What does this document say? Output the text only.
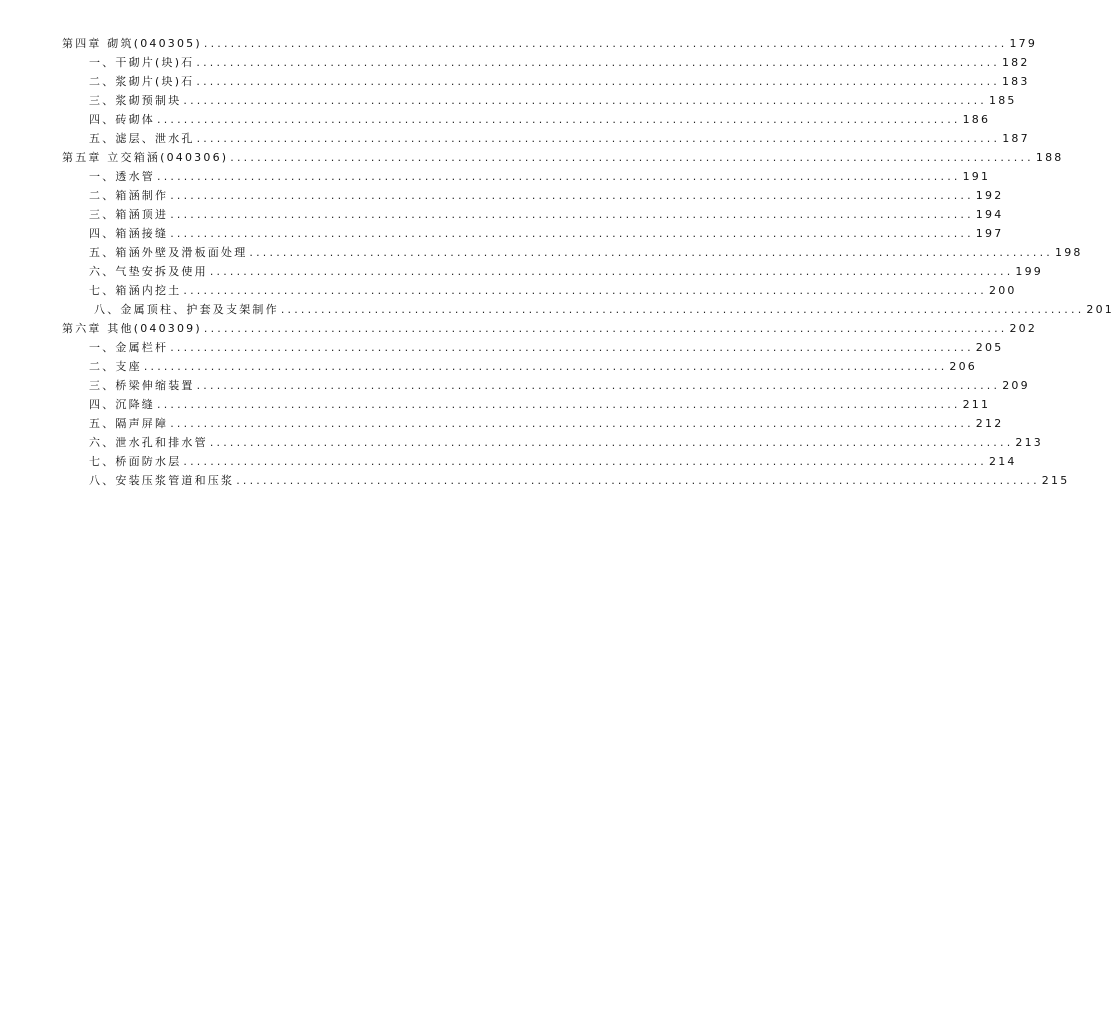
第四章 砌筑(040305) ........................................................................................................................ 179
一、干砌片(块)石 ........................................................................................................................ 182
二、浆砌片(块)石 ........................................................................................................................ 183
三、浆砌预制块 ........................................................................................................................ 185
四、砖砌体 ........................................................................................................................ 186
五、滤层、泄水孔 ........................................................................................................................ 187
第五章 立交箱涵(040306) ........................................................................................................................ 188
一、透水管 ........................................................................................................................ 191
二、箱涵制作 ........................................................................................................................ 192
三、箱涵顶进 ........................................................................................................................ 194
四、箱涵接缝 ........................................................................................................................ 197
五、箱涵外壁及滑板面处理 ........................................................................................................................ 198
六、气垫安拆及使用 ........................................................................................................................ 199
七、箱涵内挖土 ........................................................................................................................ 200
八、金属顶柱、护套及支架制作 ........................................................................................................................ 201
第六章 其他(040309) ........................................................................................................................ 202
一、金属栏杆 ........................................................................................................................ 205
二、支座 ........................................................................................................................ 206
三、桥梁伸缩装置 ........................................................................................................................ 209
四、沉降缝 ........................................................................................................................ 211
五、隔声屏障 ........................................................................................................................ 212
六、泄水孔和排水管 ........................................................................................................................ 213
七、桥面防水层 ........................................................................................................................ 214
八、安装压浆管道和压浆 ........................................................................................................................ 215
